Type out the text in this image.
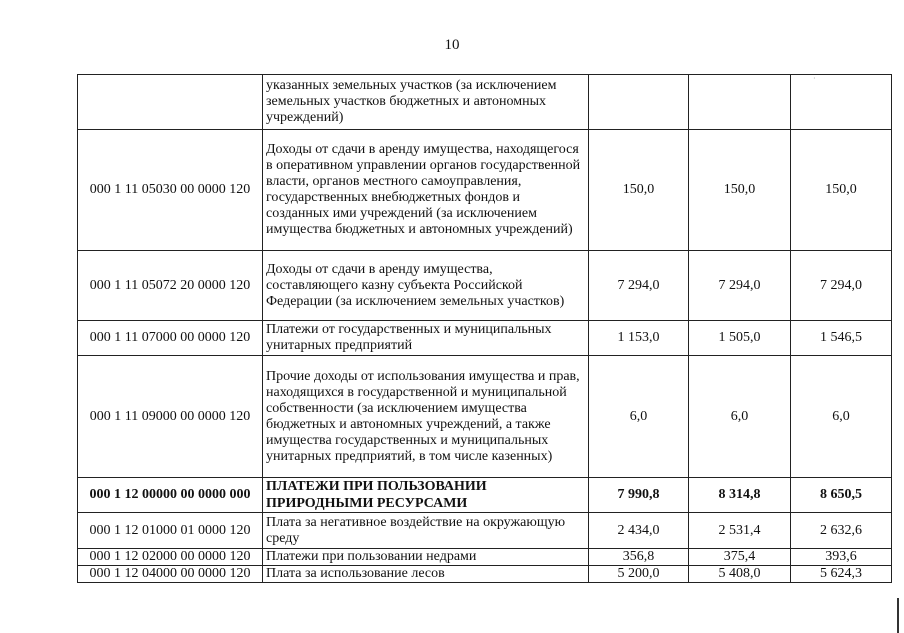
10
·
	указанных земельных участков (за исключением земельных участков бюджетных и автономных учреждений)			
000 1 11 05030 00 0000 120	Доходы от сдачи в аренду имущества, находящегося в оперативном управлении органов государственной власти, органов местного самоуправления, государственных внебюджетных фондов и созданных ими учреждений (за исключением имущества бюджетных и автономных учреждений)	150,0	150,0	150,0
000 1 11 05072 20 0000 120	Доходы от сдачи в аренду имущества, составляющего казну субъекта Российской Федерации (за исключением земельных участков)	7 294,0	7 294,0	7 294,0
000 1 11 07000 00 0000 120	Платежи от государственных и муниципальных унитарных предприятий	1 153,0	1 505,0	1 546,5
000 1 11 09000 00 0000 120	Прочие доходы от использования имущества и прав, находящихся в государственной и муниципальной собственности (за исключением имущества бюджетных и автономных учреждений, а также имущества государственных и муниципальных унитарных предприятий, в том числе казенных)	6,0	6,0	6,0
000 1 12 00000 00 0000 000	ПЛАТЕЖИ ПРИ ПОЛЬЗОВАНИИ ПРИРОДНЫМИ РЕСУРСАМИ	7 990,8	8 314,8	8 650,5
000 1 12 01000 01 0000 120	Плата за негативное воздействие на окружающую среду	2 434,0	2 531,4	2 632,6
000 1 12 02000 00 0000 120	Платежи при пользовании недрами	356,8	375,4	393,6
000 1 12 04000 00 0000 120	Плата за использование лесов	5 200,0	5 408,0	5 624,3
